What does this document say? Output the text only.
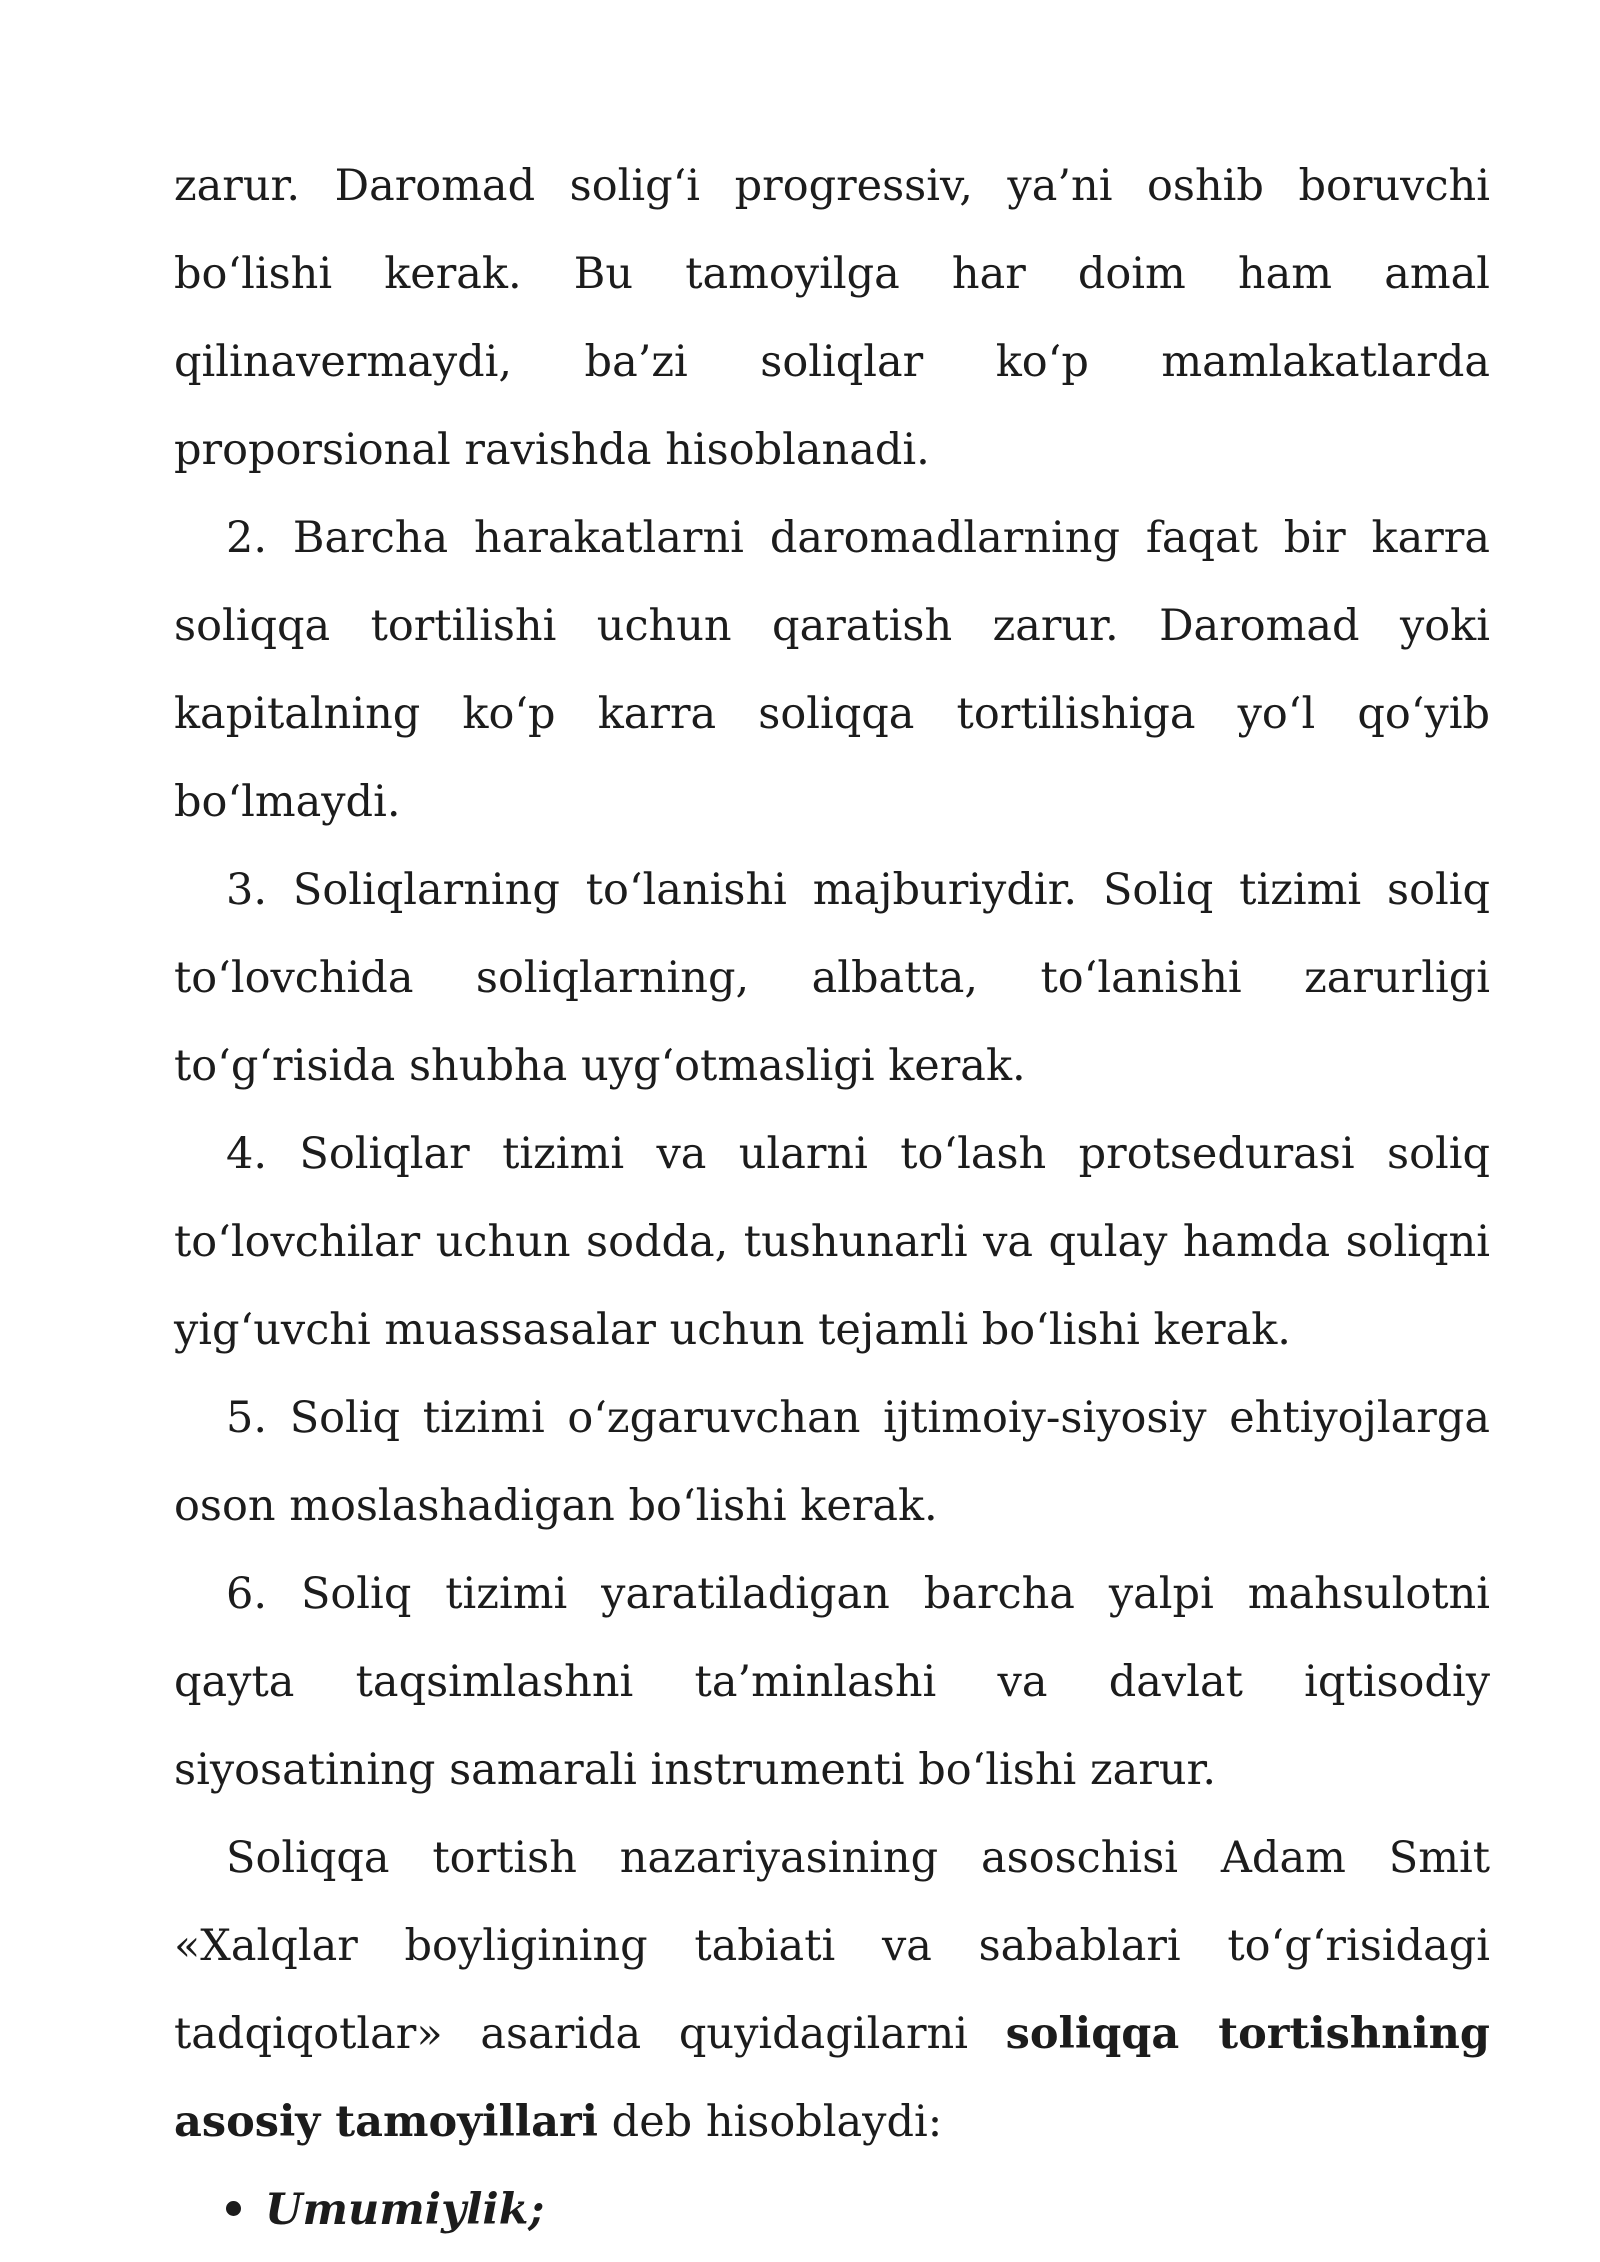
zarur. Daromad solig‘i progressiv, ya’ni oshib boruvchi bo‘lishi kerak. Bu tamoyilga har doim ham amal qilinavermaydi, ba’zi soliqlar ko‘p mamlakatlarda proporsional ravishda hisoblanadi.

2. Barcha harakatlarni daromadlarning faqat bir karra soliqqa tortilishi uchun qaratish zarur. Daromad yoki kapitalning ko‘p karra soliqqa tortilishiga yo‘l qo‘yib bo‘lmaydi.

3. Soliqlarning to‘lanishi majburiydir. Soliq tizimi soliq to‘lovchida soliqlarning, albatta, to‘lanishi zarurligi to‘g‘risida shubha uyg‘otmasligi kerak.

4. Soliqlar tizimi va ularni to‘lash protsedurasi soliq to‘lovchilar uchun sodda, tushunarli va qulay hamda soliqni yig‘uvchi muassasalar uchun tejamli bo‘lishi kerak.

5. Soliq tizimi o‘zgaruvchan ijtimoiy-siyosiy ehtiyojlarga oson moslashadigan bo‘lishi kerak.

6. Soliq tizimi yaratiladigan barcha yalpi mahsulotni qayta taqsimlashni ta’minlashi va davlat iqtisodiy siyosatining samarali instrumenti bo‘lishi zarur.

Soliqqa tortish nazariyasining asoschisi Adam Smit «Xalqlar boyligining tabiati va sabablari to‘g‘risidagi tadqiqotlar» asarida quyidagilarni soliqqa tortishning asosiy tamoyillari deb hisoblaydi:

Umumiylik;
